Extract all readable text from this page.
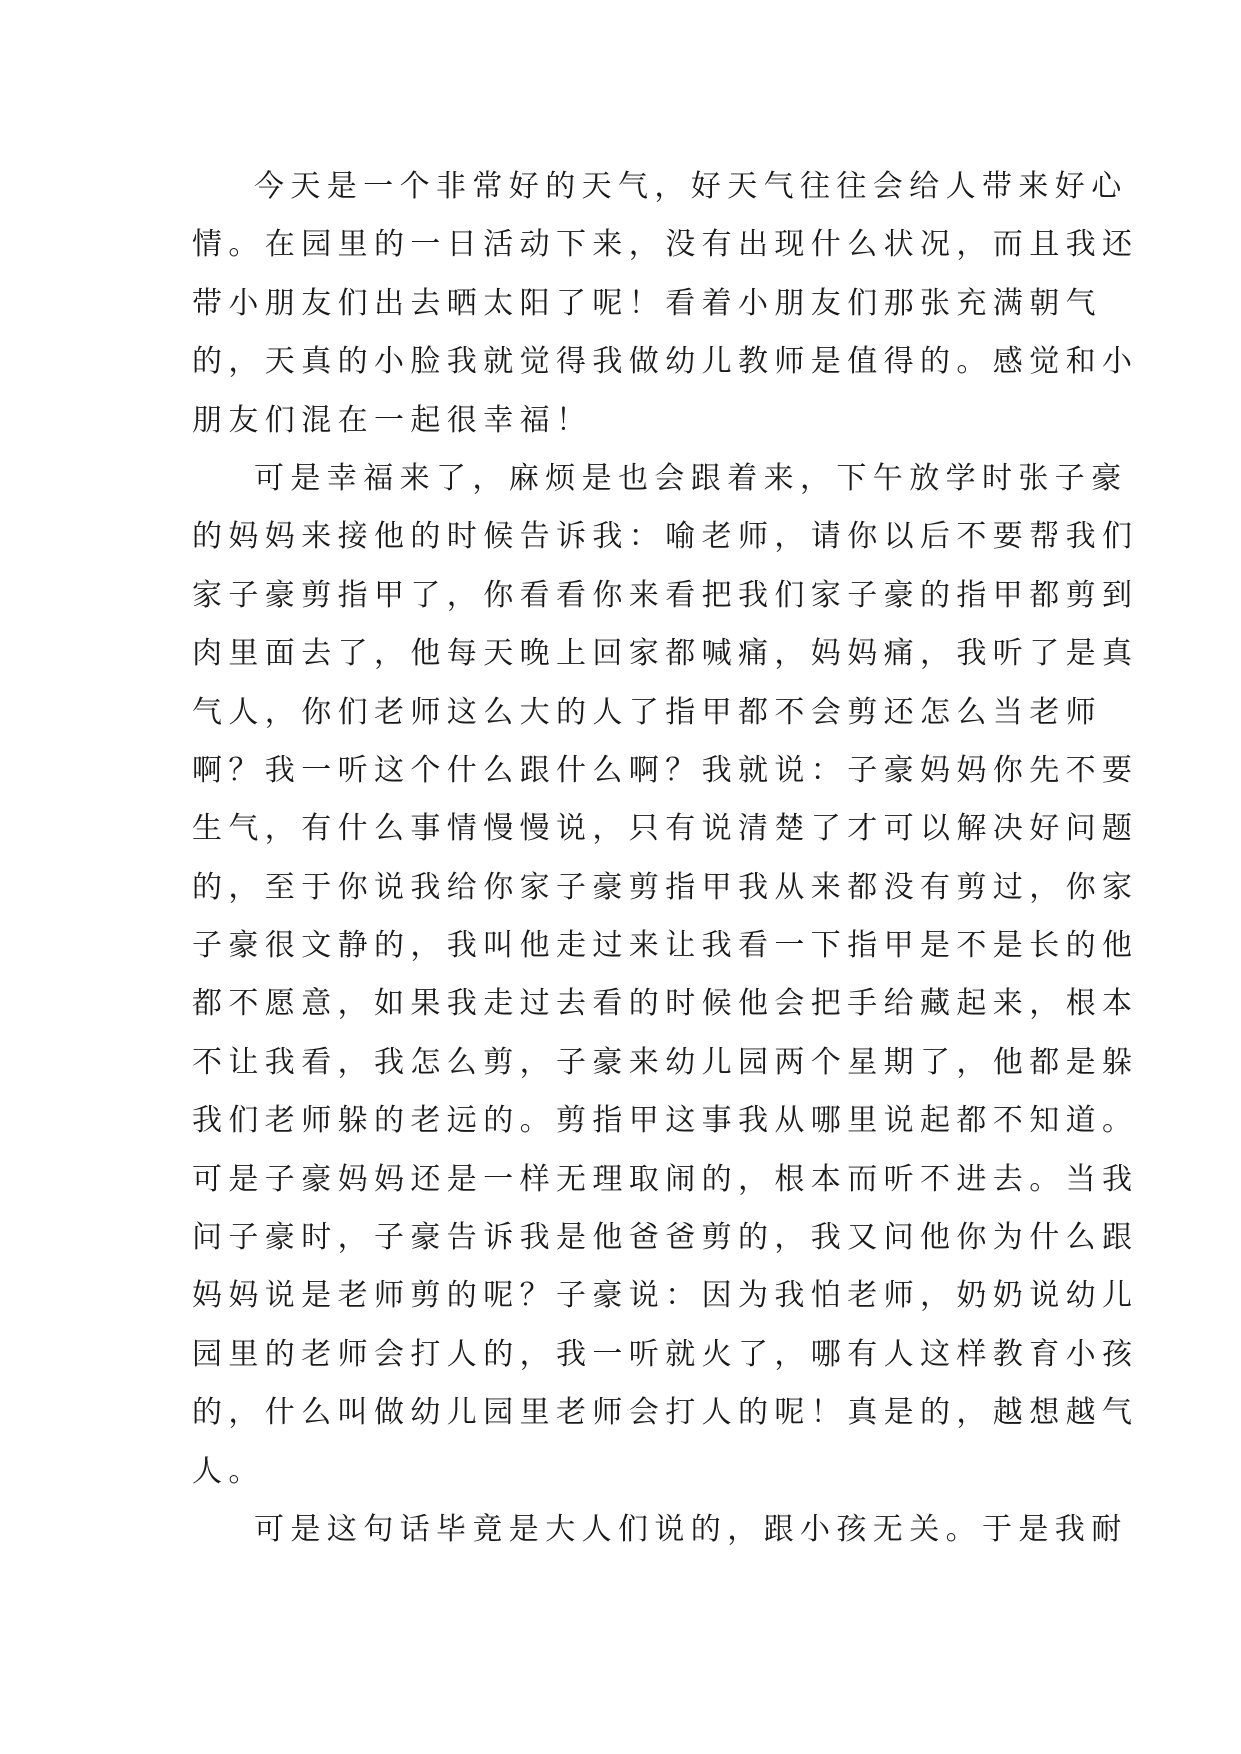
今天是一个非常好的天气，好天气往往会给人带来好心
情。在园里的一日活动下来，没有出现什么状况，而且我还
带小朋友们出去晒太阳了呢！看着小朋友们那张充满朝气
的，天真的小脸我就觉得我做幼儿教师是值得的。感觉和小
朋友们混在一起很幸福！
可是幸福来了，麻烦是也会跟着来，下午放学时张子豪
的妈妈来接他的时候告诉我：喻老师，请你以后不要帮我们
家子豪剪指甲了，你看看你来看把我们家子豪的指甲都剪到
肉里面去了，他每天晚上回家都喊痛，妈妈痛，我听了是真
气人，你们老师这么大的人了指甲都不会剪还怎么当老师
啊？我一听这个什么跟什么啊？我就说：子豪妈妈你先不要
生气，有什么事情慢慢说，只有说清楚了才可以解决好问题
的，至于你说我给你家子豪剪指甲我从来都没有剪过，你家
子豪很文静的，我叫他走过来让我看一下指甲是不是长的他
都不愿意，如果我走过去看的时候他会把手给藏起来，根本
不让我看，我怎么剪，子豪来幼儿园两个星期了，他都是躲
我们老师躲的老远的。剪指甲这事我从哪里说起都不知道。
可是子豪妈妈还是一样无理取闹的，根本而听不进去。当我
问子豪时，子豪告诉我是他爸爸剪的，我又问他你为什么跟
妈妈说是老师剪的呢？子豪说：因为我怕老师，奶奶说幼儿
园里的老师会打人的，我一听就火了，哪有人这样教育小孩
的，什么叫做幼儿园里老师会打人的呢！真是的，越想越气
人。
可是这句话毕竟是大人们说的，跟小孩无关。于是我耐
